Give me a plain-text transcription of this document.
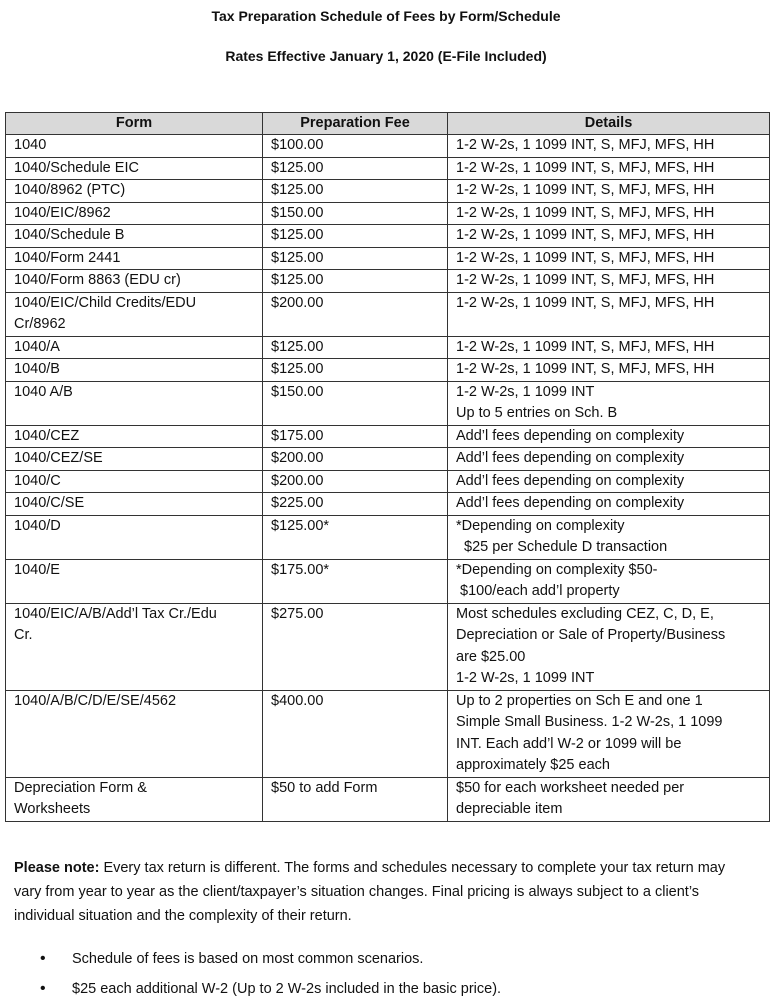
Tax Preparation Schedule of Fees by Form/Schedule
Rates Effective January 1, 2020 (E-File Included)
Form	Preparation Fee	Details

1040	$100.00	1-2 W-2s, 1 1099 INT, S, MFJ, MFS, HH

1040/Schedule EIC	$125.00	1-2 W-2s, 1 1099 INT, S, MFJ, MFS, HH

1040/8962 (PTC)	$125.00	1-2 W-2s, 1 1099 INT, S, MFJ, MFS, HH

1040/EIC/8962	$150.00	1-2 W-2s, 1 1099 INT, S, MFJ, MFS, HH

1040/Schedule B	$125.00	1-2 W-2s, 1 1099 INT, S, MFJ, MFS, HH

1040/Form 2441	$125.00	1-2 W-2s, 1 1099 INT, S, MFJ, MFS, HH

1040/Form 8863 (EDU cr)	$125.00	1-2 W-2s, 1 1099 INT, S, MFJ, MFS, HH

1040/EIC/Child Credits/EDU
Cr/8962	$200.00	1-2 W-2s, 1 1099 INT, S, MFJ, MFS, HH

1040/A	$125.00	1-2 W-2s, 1 1099 INT, S, MFJ, MFS, HH

1040/B	$125.00	1-2 W-2s, 1 1099 INT, S, MFJ, MFS, HH

1040 A/B	$150.00	1-2 W-2s, 1 1099 INT
Up to 5 entries on Sch. B

1040/CEZ	$175.00	Add’l fees depending on complexity

1040/CEZ/SE	$200.00	Add’l fees depending on complexity

1040/C	$200.00	Add’l fees depending on complexity

1040/C/SE	$225.00	Add’l fees depending on complexity

1040/D	$125.00*	*Depending on complexity
$25 per Schedule D transaction

1040/E	$175.00*	*Depending on complexity $50-
$100/each add’l property

1040/EIC/A/B/Add’l Tax Cr./Edu
Cr.	$275.00	Most schedules excluding CEZ, C, D, E,
Depreciation or Sale of Property/Business
are $25.00
1-2 W-2s, 1 1099 INT

1040/A/B/C/D/E/SE/4562	$400.00	Up to 2 properties on Sch E and one 1
Simple Small Business. 1-2 W-2s, 1 1099
INT. Each add’l W-2 or 1099 will be
approximately $25 each

Depreciation Form &
Worksheets	$50 to add Form	$50 for each worksheet needed per
depreciable item
Please note: Every tax return is different. The forms and schedules necessary to complete your tax return may vary from year to year as the client/taxpayer’s situation changes. Final pricing is always subject to a client’s individual situation and the complexity of their return.
• Schedule of fees is based on most common scenarios.
• $25 each additional W-2 (Up to 2 W-2s included in the basic price).
